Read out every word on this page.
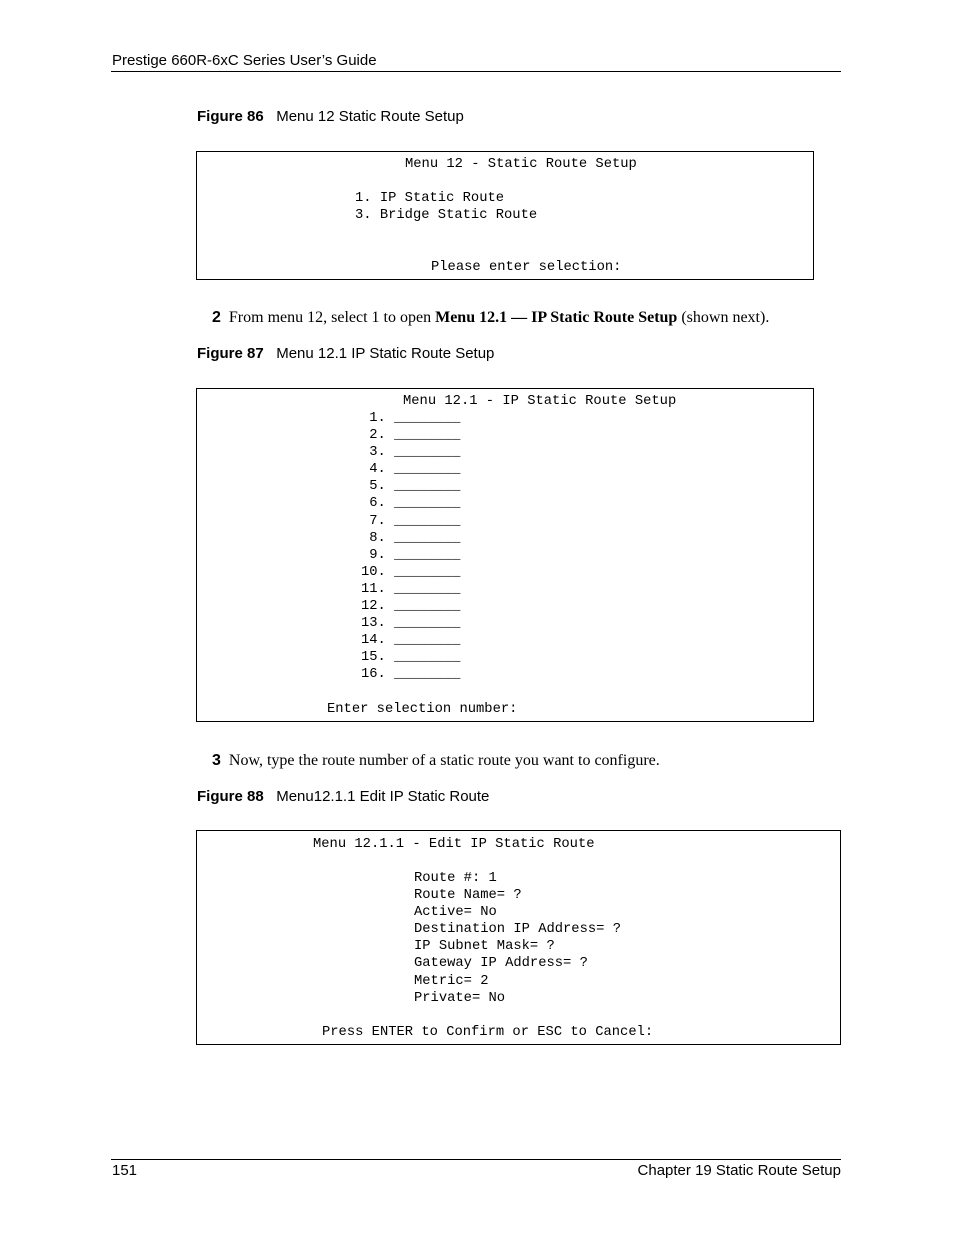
Prestige 660R-6xC Series User’s Guide
Figure 86 Menu 12 Static Route Setup
Menu 12 - Static Route Setup
1. IP Static Route
3. Bridge Static Route
Please enter selection:
2 From menu 12, select 1 to open Menu 12.1 — IP Static Route Setup (shown next).
Figure 87 Menu 12.1 IP Static Route Setup
Menu 12.1 - IP Static Route Setup
1. ________
2. ________
3. ________
4. ________
5. ________
6. ________
7. ________
8. ________
9. ________
10. ________
11. ________
12. ________
13. ________
14. ________
15. ________
16. ________
Enter selection number:
3 Now, type the route number of a static route you want to configure.
Figure 88 Menu12.1.1 Edit IP Static Route
Menu 12.1.1 - Edit IP Static Route
Route #: 1
Route Name= ?
Active= No
Destination IP Address= ?
IP Subnet Mask= ?
Gateway IP Address= ?
Metric= 2
Private= No
Press ENTER to Confirm or ESC to Cancel:
151	Chapter 19 Static Route Setup
